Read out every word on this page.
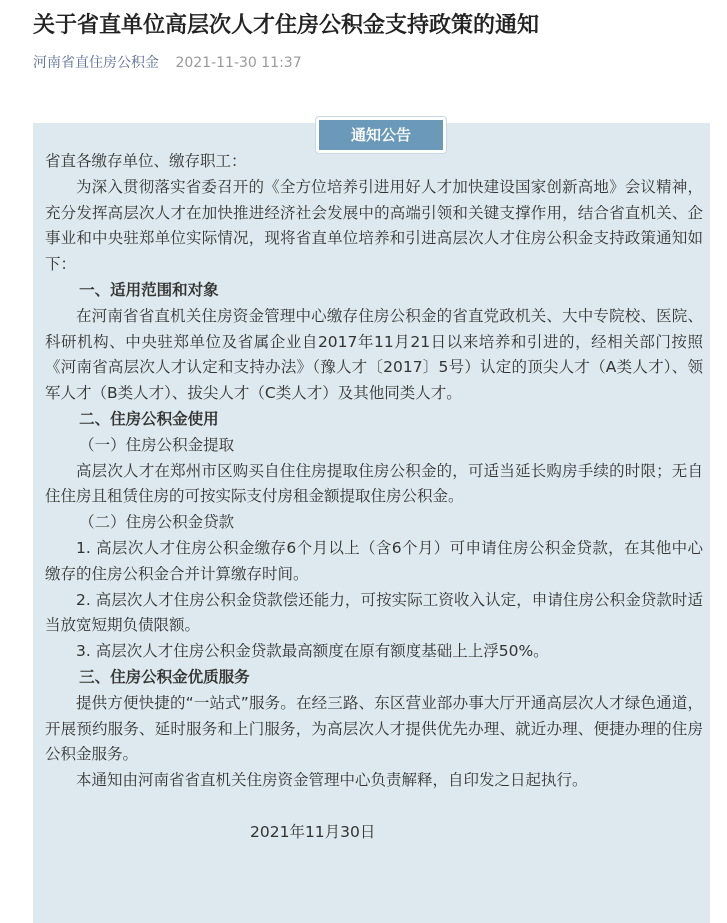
关于省直单位高层次人才住房公积金支持政策的通知
河南省直住房公积金 2021-11-30 11:37
通知公告

省直各缴存单位、缴存职工：

为深入贯彻落实省委召开的《全方位培养引进用好人才加快建设国家创新高地》会议精神，充分发挥高层次人才在加快推进经济社会发展中的高端引领和关键支撑作用，结合省直机关、企事业和中央驻郑单位实际情况，现将省直单位培养和引进高层次人才住房公积金支持政策通知如下：

一、适用范围和对象

在河南省省直机关住房资金管理中心缴存住房公积金的省直党政机关、大中专院校、医院、科研机构、中央驻郑单位及省属企业自2017年11月21日以来培养和引进的，经相关部门按照《河南省高层次人才认定和支持办法》（豫人才〔2017〕5号）认定的顶尖人才（A类人才）、领军人才（B类人才）、拔尖人才（C类人才）及其他同类人才。

二、住房公积金使用

（一）住房公积金提取

高层次人才在郑州市区购买自住住房提取住房公积金的，可适当延长购房手续的时限；无自住住房且租赁住房的可按实际支付房租金额提取住房公积金。

（二）住房公积金贷款

1. 高层次人才住房公积金缴存6个月以上（含6个月）可申请住房公积金贷款，在其他中心缴存的住房公积金合并计算缴存时间。

2. 高层次人才住房公积金贷款偿还能力，可按实际工资收入认定，申请住房公积金贷款时适当放宽短期负债限额。

3. 高层次人才住房公积金贷款最高额度在原有额度基础上上浮50%。

三、住房公积金优质服务

提供方便快捷的“一站式”服务。在经三路、东区营业部办事大厅开通高层次人才绿色通道，开展预约服务、延时服务和上门服务，为高层次人才提供优先办理、就近办理、便捷办理的住房公积金服务。

本通知由河南省省直机关住房资金管理中心负责解释，自印发之日起执行。

2021年11月30日
